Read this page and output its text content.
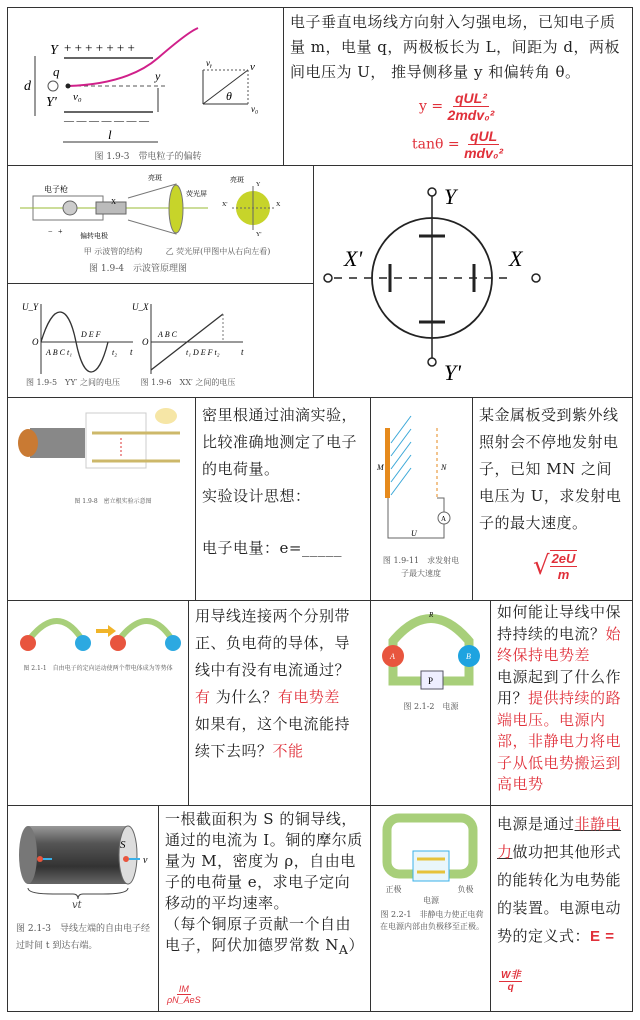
Y + + + + + + +
Y'
— — — — — — —
d
q
v₀
y
l
vᵧ	v
θ
v₀
图 1.9-3　带电粒子的偏转
电子垂直电场线方向射入匀强电场，已知电子质量 m，电量 q，两极板长为 L，间距为 d，两板间电压为 U， 推导侧移量 y 和偏转角 θ。
$y = \frac{\text{qUL²}}{\text{2mdv₀²}}$
$\tan\theta = \frac{\text{qUL}}{\text{mdv₀²}}$
电子枪
X
亮斑
荧光屏
− + 偏转电极
亮斑
Y
Y'
X'	X
甲 示波管的结构	乙 荧光屏(甲图中从右向左看)
图 1.9-4　示波管原理图
U_Y
O
t
A B C t₁
D E F
t₂
U_X
O
t
A B C
t₁ D E F t₂
图 1.9-5　YY′ 之间的电压	图 1.9-6　XX′ 之间的电压
Y
Y'
X'	X
图 1.9-8　密立根实验示意图
密里根通过油滴实验，比较准确地测定了电子的电荷量。
实验设计思想：
电子电量：e=_____
M	N
A
U
图 1.9-11　求发射电子最大速度
某金属板受到紫外线照射会不停地发射电子，已知 MN 之间电压为 U，求发射电子的最大速度。
√ $\frac{2eU}{m}$
图 2.1-1　自由电子的定向运动使两个带电体成为等势体
用导线连接两个分别带正、负电荷的导体，导线中有没有电流通过？有 为什么？有电势差
如果有，这个电流能持续下去吗？不能
P
R
A	B
图 2.1-2　电源
如何能让导线中保持持续的电流？始终保持电势差
电源起到了什么作用？提供持续的路端电压。电源内部，非静电力将电子从低电势搬运到高电势
S
v
vt
图 2.1-3　导线左端的自由电子经过时间 t 到达右端。
一根截面积为 S 的铜导线，通过的电流为 I。铜的摩尔质量为 M，密度为 ρ，自由电子的电荷量 e，求电子定向移动的平均速率。
（每个铜原子贡献一个自由电子，阿伏加德罗常数 $N_A$）
$\frac{IM}{\text{ρN\_AeS}}$
正极	负极
电源
图 2.2-1　非静电力使正电荷在电源内部由负极移至正极。
电源是通过非静电力做功把其他形式的能转化为电势能的装置。电源电动势的定义式：E =
$\frac{\text{W非}}{q}$
